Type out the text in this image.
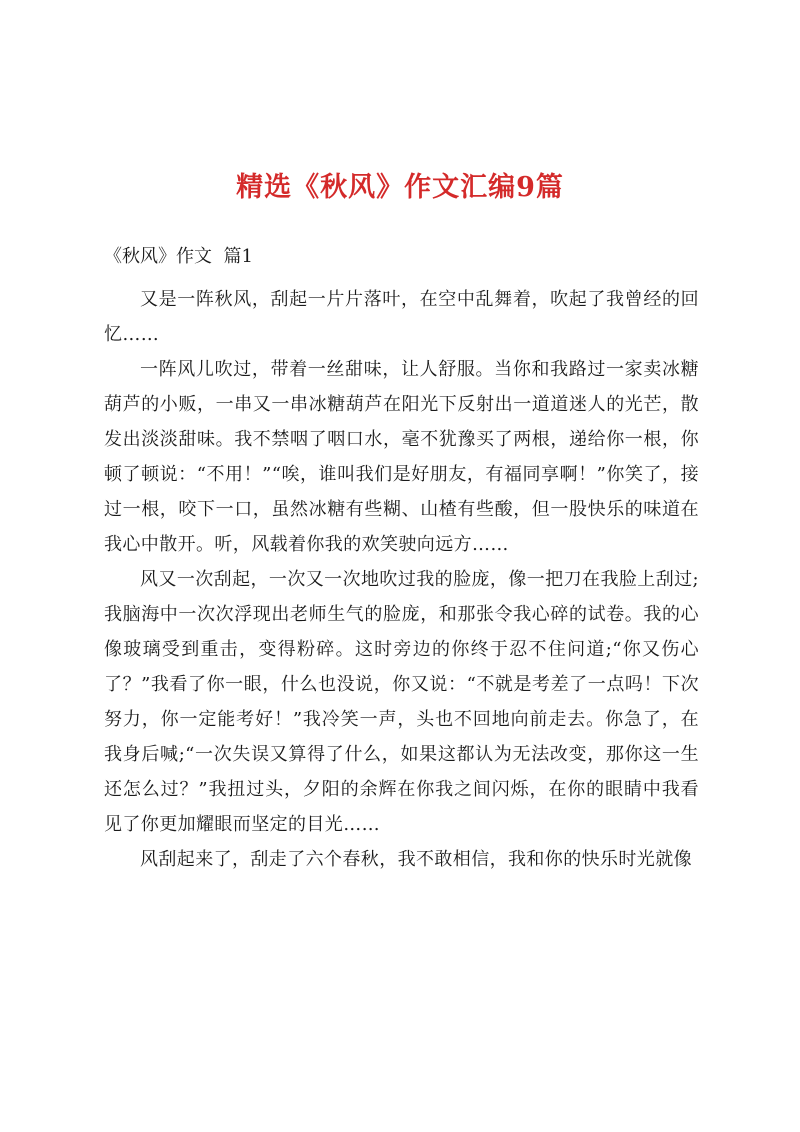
精选《秋风》作文汇编9篇
《秋风》作文  篇1

又是一阵秋风，刮起一片片落叶，在空中乱舞着，吹起了我曾经的回忆……

一阵风儿吹过，带着一丝甜味，让人舒服。当你和我路过一家卖冰糖葫芦的小贩，一串又一串冰糖葫芦在阳光下反射出一道道迷人的光芒，散发出淡淡甜味。我不禁咽了咽口水，毫不犹豫买了两根，递给你一根，你顿了顿说：“不用！”“唉，谁叫我们是好朋友，有福同享啊！”你笑了，接过一根，咬下一口，虽然冰糖有些糊、山楂有些酸，但一股快乐的味道在我心中散开。听，风载着你我的欢笑驶向远方……

风又一次刮起，一次又一次地吹过我的脸庞，像一把刀在我脸上刮过;我脑海中一次次浮现出老师生气的脸庞，和那张令我心碎的试卷。我的心像玻璃受到重击，变得粉碎。这时旁边的你终于忍不住问道;“你又伤心了？”我看了你一眼，什么也没说，你又说：“不就是考差了一点吗！下次努力，你一定能考好！”我冷笑一声，头也不回地向前走去。你急了，在我身后喊;“一次失误又算得了什么，如果这都认为无法改变，那你这一生还怎么过？”我扭过头，夕阳的余辉在你我之间闪烁，在你的眼睛中我看见了你更加耀眼而坚定的目光……

风刮起来了，刮走了六个春秋，我不敢相信，我和你的快乐时光就像
